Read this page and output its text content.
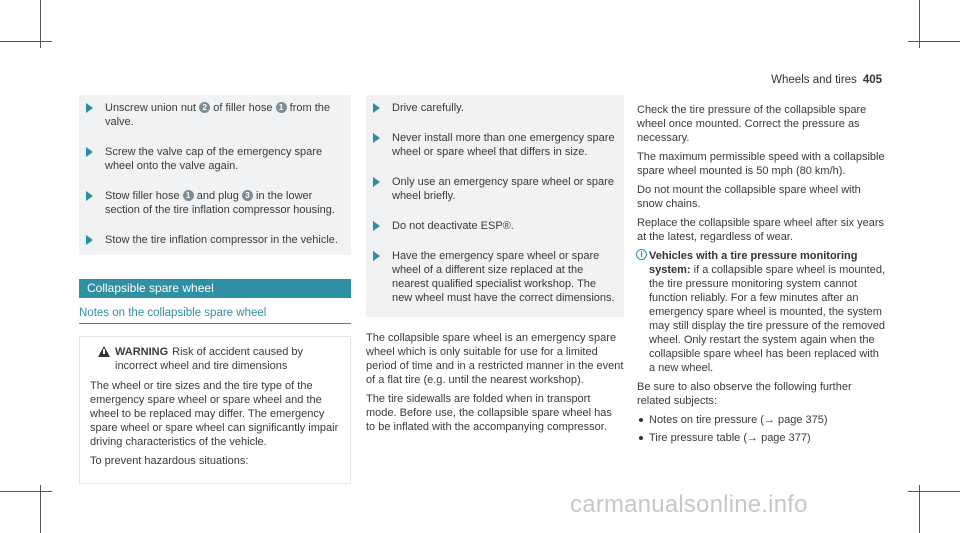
Wheels and tires 405
Unscrew union nut 2 of filler hose 1 from the valve.
Screw the valve cap of the emergency spare wheel onto the valve again.
Stow filler hose 1 and plug 3 in the lower section of the tire inflation compressor housing.
Stow the tire inflation compressor in the vehicle.
Collapsible spare wheel
Notes on the collapsible spare wheel
WARNING Risk of accident caused by incorrect wheel and tire dimensions

The wheel or tire sizes and the tire type of the emergency spare wheel or spare wheel and the wheel to be replaced may differ. The emergency spare wheel or spare wheel can significantly impair driving characteristics of the vehicle.

To prevent hazardous situations:

Drive carefully.
Never install more than one emergency spare wheel or spare wheel that differs in size.
Only use an emergency spare wheel or spare wheel briefly.
Do not deactivate ESP®.
Have the emergency spare wheel or spare wheel of a different size replaced at the nearest qualified specialist workshop. The new wheel must have the correct dimensions.

The collapsible spare wheel is an emergency spare wheel which is only suitable for use for a limited period of time and in a restricted manner in the event of a flat tire (e.g. until the nearest workshop).

The tire sidewalls are folded when in transport mode. Before use, the collapsible spare wheel has to be inflated with the accompanying compressor.

Check the tire pressure of the collapsible spare wheel once mounted. Correct the pressure as necessary.

The maximum permissible speed with a collapsible spare wheel mounted is 50 mph (80 km/h).

Do not mount the collapsible spare wheel with snow chains.

Replace the collapsible spare wheel after six years at the latest, regardless of wear.

i Vehicles with a tire pressure monitoring system: if a collapsible spare wheel is mounted, the tire pressure monitoring system cannot function reliably. For a few minutes after an emergency spare wheel is mounted, the system may still display the tire pressure of the removed wheel. Only restart the system again when the collapsible spare wheel has been replaced with a new wheel.

Be sure to also observe the following further related subjects:

Notes on tire pressure (→ page 375)
Tire pressure table (→ page 377)
carmanualsonline.info
